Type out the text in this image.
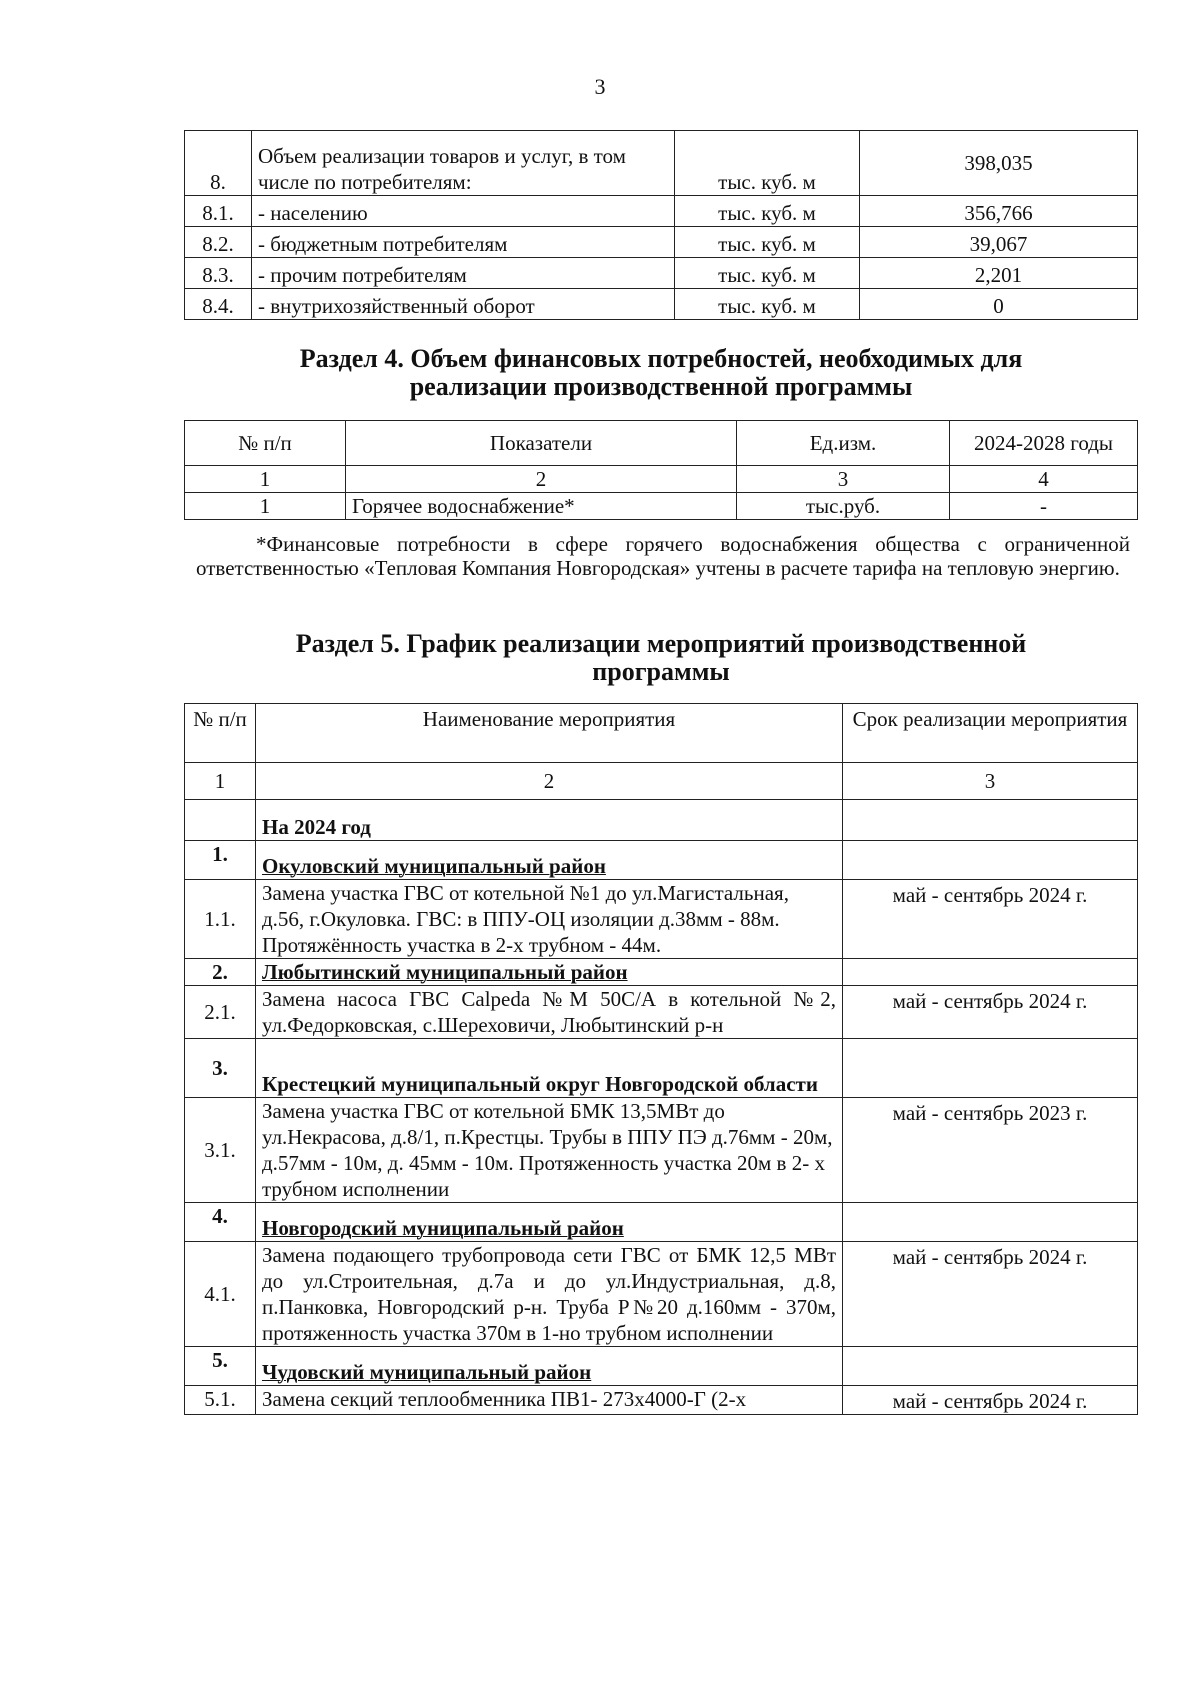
3
8.	Объем реализации товаров и услуг, в том числе по потребителям:	тыс. куб. м	398,035
8.1.	- населению	тыс. куб. м	356,766
8.2.	- бюджетным потребителям	тыс. куб. м	39,067
8.3.	- прочим потребителям	тыс. куб. м	2,201
8.4.	- внутрихозяйственный оборот	тыс. куб. м	0
Раздел 4. Объем финансовых потребностей, необходимых для
реализации производственной программы
№ п/п	Показатели	Ед.изм.	2024-2028 годы
1	2	3	4
1	Горячее водоснабжение*	тыс.руб.	-
*Финансовые потребности в сфере горячего водоснабжения общества с ограниченной ответственностью «Тепловая Компания Новгородская» учтены в расчете тарифа на тепловую энергию.
Раздел 5. График реализации мероприятий производственной
программы
№ п/п	Наименование мероприятия	Срок реализации мероприятия
1	2	3
	На 2024 год	
1.	Окуловский муниципальный район	
1.1.	Замена участка ГВС от котельной №1 до ул.Магистальная, д.56, г.Окуловка. ГВС: в ППУ-ОЦ изоляции д.38мм - 88м. Протяжённость участка в 2-х трубном - 44м.	май - сентябрь 2024 г.
2.	Любытинский муниципальный район	
2.1.	Замена насоса ГВС Calpeda №М 50С/А в котельной №2, ул.Федорковская, с.Шереховичи, Любытинский р-н	май - сентябрь 2024 г.
3.	Крестецкий муниципальный округ Новгородской области	
3.1.	Замена участка ГВС от котельной БМК 13,5МВт до ул.Некрасова, д.8/1, п.Крестцы. Трубы в ППУ ПЭ д.76мм - 20м, д.57мм - 10м, д. 45мм - 10м. Протяженность участка 20м в 2- х трубном исполнении	май - сентябрь 2023 г.
4.	Новгородский муниципальный район	
4.1.	Замена подающего трубопровода сети ГВС от БМК 12,5 МВт до ул.Строительная, д.7а и до ул.Индустриальная, д.8, п.Панковка, Новгородский р-н. Труба Р№20 д.160мм - 370м, протяженность участка 370м в 1-но трубном исполнении	май - сентябрь 2024 г.
5.	Чудовский муниципальный район	
5.1.	Замена секций теплообменника ПВ1- 273х4000-Г (2-х	май - сентябрь 2024 г.
